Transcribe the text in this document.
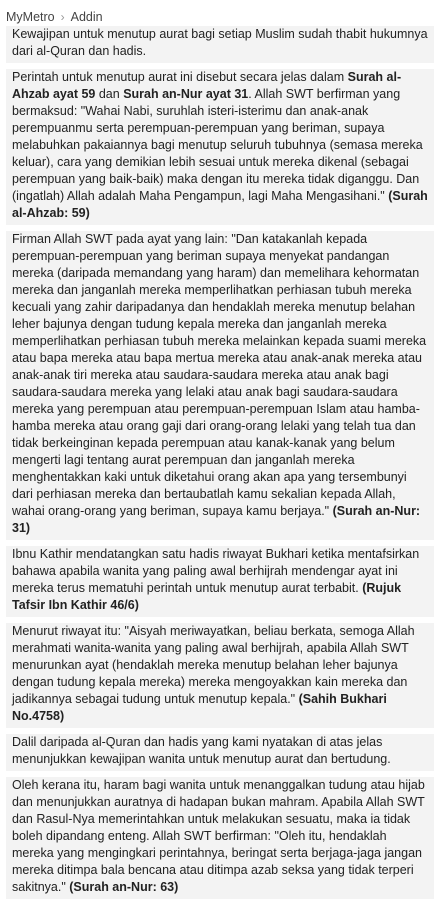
MyMetro › Addin

Kewajipan untuk menutup aurat bagi setiap Muslim sudah thabit hukumnya dari al-Quran dan hadis.

Perintah untuk menutup aurat ini disebut secara jelas dalam Surah al-Ahzab ayat 59 dan Surah an-Nur ayat 31. Allah SWT berfirman yang bermaksud: "Wahai Nabi, suruhlah isteri-isterimu dan anak-anak perempuanmu serta perempuan-perempuan yang beriman, supaya melabuhkan pakaiannya bagi menutup seluruh tubuhnya (semasa mereka keluar), cara yang demikian lebih sesuai untuk mereka dikenal (sebagai perempuan yang baik-baik) maka dengan itu mereka tidak diganggu. Dan (ingatlah) Allah adalah Maha Pengampun, lagi Maha Mengasihani." (Surah al-Ahzab: 59)

Firman Allah SWT pada ayat yang lain: "Dan katakanlah kepada perempuan-perempuan yang beriman supaya menyekat pandangan mereka (daripada memandang yang haram) dan memelihara kehormatan mereka dan janganlah mereka memperlihatkan perhiasan tubuh mereka kecuali yang zahir daripadanya dan hendaklah mereka menutup belahan leher bajunya dengan tudung kepala mereka dan janganlah mereka memperlihatkan perhiasan tubuh mereka melainkan kepada suami mereka atau bapa mereka atau bapa mertua mereka atau anak-anak mereka atau anak-anak tiri mereka atau saudara-saudara mereka atau anak bagi saudara-saudara mereka yang lelaki atau anak bagi saudara-saudara mereka yang perempuan atau perempuan-perempuan Islam atau hamba-hamba mereka atau orang gaji dari orang-orang lelaki yang telah tua dan tidak berkeinginan kepada perempuan atau kanak-kanak yang belum mengerti lagi tentang aurat perempuan dan janganlah mereka menghentakkan kaki untuk diketahui orang akan apa yang tersembunyi dari perhiasan mereka dan bertaubatlah kamu sekalian kepada Allah, wahai orang-orang yang beriman, supaya kamu berjaya." (Surah an-Nur: 31)

Ibnu Kathir mendatangkan satu hadis riwayat Bukhari ketika mentafsirkan bahawa apabila wanita yang paling awal berhijrah mendengar ayat ini mereka terus mematuhi perintah untuk menutup aurat terbabit. (Rujuk Tafsir Ibn Kathir 46/6)

Menurut riwayat itu: "Aisyah meriwayatkan, beliau berkata, semoga Allah merahmati wanita-wanita yang paling awal berhijrah, apabila Allah SWT menurunkan ayat (hendaklah mereka menutup belahan leher bajunya dengan tudung kepala mereka) mereka mengoyakkan kain mereka dan jadikannya sebagai tudung untuk menutup kepala." (Sahih Bukhari No.4758)

Dalil daripada al-Quran dan hadis yang kami nyatakan di atas jelas menunjukkan kewajipan wanita untuk menutup aurat dan bertudung.

Oleh kerana itu, haram bagi wanita untuk menanggalkan tudung atau hijab dan menunjukkan auratnya di hadapan bukan mahram. Apabila Allah SWT dan Rasul-Nya memerintahkan untuk melakukan sesuatu, maka ia tidak boleh dipandang enteng. Allah SWT berfirman: "Oleh itu, hendaklah mereka yang mengingkari perintahnya, beringat serta berjaga-jaga jangan mereka ditimpa bala bencana atau ditimpa azab seksa yang tidak terperi sakitnya." (Surah an-Nur: 63)
